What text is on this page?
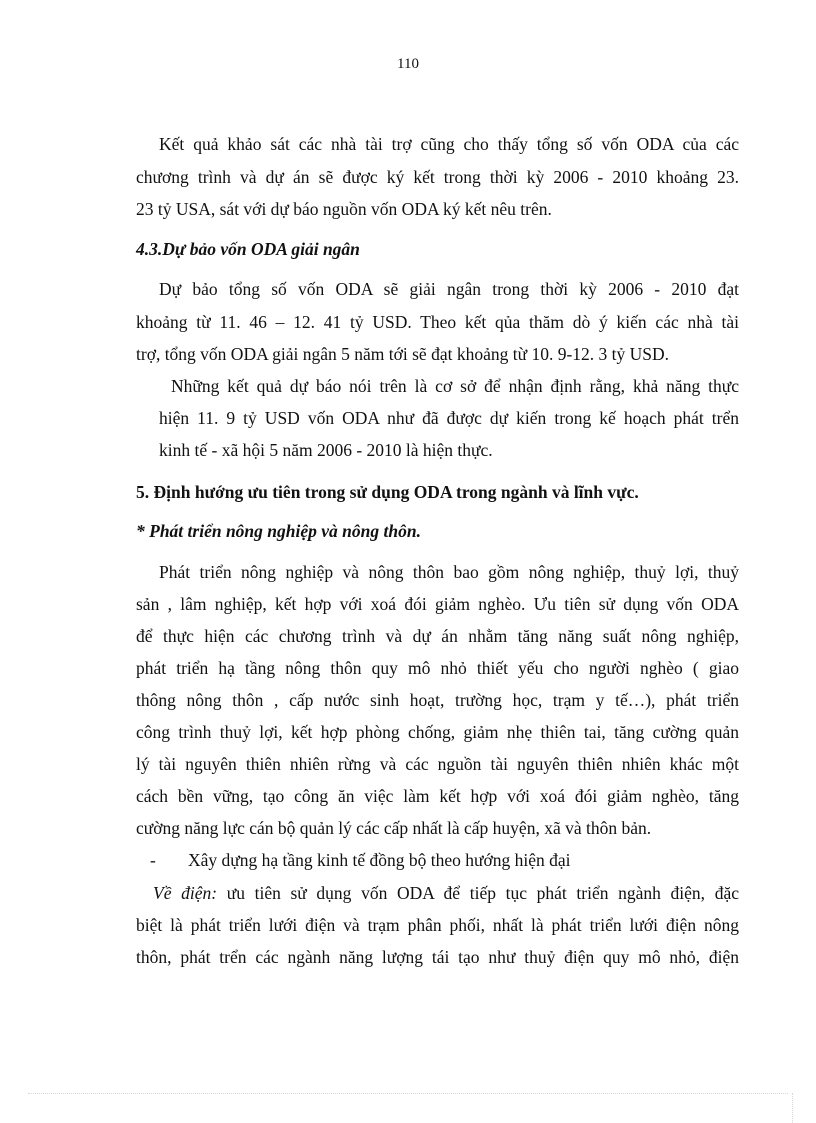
110
Kết quả khảo sát các nhà tài trợ cũng cho thấy tổng số vốn ODA của các
chương trình và dự án sẽ được ký kết trong thời kỳ 2006 - 2010 khoảng 23.
23 tỷ USA, sát với dự báo nguồn vốn ODA ký kết nêu trên.
4.3.Dự bảo vốn ODA giải ngân
Dự bảo tổng số vốn ODA sẽ giải ngân trong thời kỳ 2006 - 2010 đạt
khoảng từ 11. 46 – 12. 41 tỷ USD. Theo kết qủa thăm dò ý kiến các nhà tài
trợ, tổng vốn ODA giải ngân 5 năm tới sẽ đạt khoảng từ 10. 9-12. 3 tỷ USD.
Những kết quả dự báo nói trên là cơ sở để nhận định rằng, khả năng thực
hiện 11. 9 tỷ USD vốn ODA như đã được dự kiến trong kế hoạch phát trển
kinh tế - xã hội 5 năm 2006 - 2010 là hiện thực.
5. Định hướng ưu tiên trong sử dụng ODA trong ngành và lĩnh vực.
* Phát triển nông nghiệp và nông thôn.
Phát triển nông nghiệp và nông thôn bao gồm nông nghiệp, thuỷ lợi, thuỷ
sản , lâm nghiệp, kết hợp với xoá đói giảm nghèo. Ưu tiên sử dụng vốn ODA
để thực hiện các chương trình và dự án nhằm tăng năng suất nông nghiệp,
phát triển hạ tầng nông thôn quy mô nhỏ thiết yếu cho người nghèo ( giao
thông nông thôn , cấp nước sinh hoạt, trường học, trạm y tế…), phát triển
công trình thuỷ lợi, kết hợp phòng chống, giảm nhẹ thiên tai, tăng cường quản
lý tài nguyên thiên nhiên rừng và các nguồn tài nguyên thiên nhiên khác một
cách bền vững, tạo công ăn việc làm kết hợp với xoá đói giảm nghèo, tăng
cường năng lực cán bộ quản lý các cấp nhất là cấp huyện, xã và thôn bản.
- Xây dựng hạ tầng kinh tế đồng bộ theo hướng hiện đại
Về điện: ưu tiên sử dụng vốn ODA để tiếp tục phát triển ngành điện, đặc
biệt là phát triển lưới điện và trạm phân phối, nhất là phát triển lưới điện nông
thôn, phát trển các ngành năng lượng tái tạo như thuỷ điện quy mô nhỏ, điện
